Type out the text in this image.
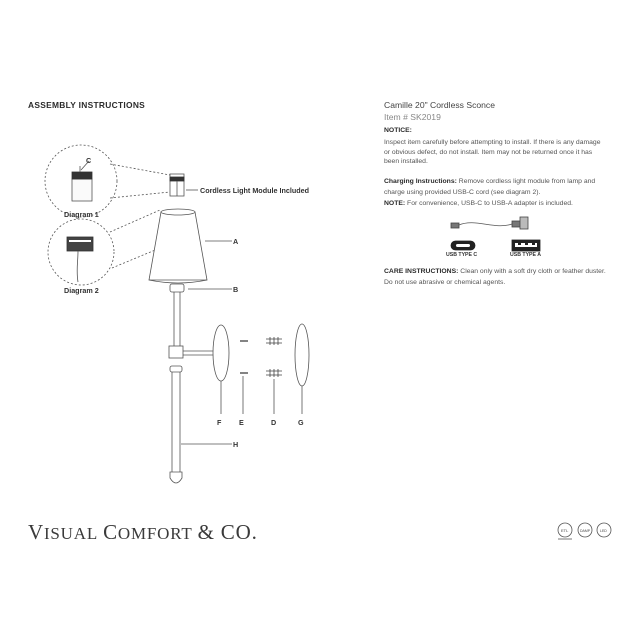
ASSEMBLY INSTRUCTIONS	Camille 20" Cordless Sconce
Item # SK2019
NOTICE:
Inspect item carefully before attempting to install. If there is any damage or obvious defect, do not install. Item may not be returned once it has been installed.
Charging Instructions: Remove cordless light module from lamp and charge using provided USB-C cord (see diagram 2).
NOTE: For convenience, USB-C to USB-A adapter is included.
CARE INSTRUCTIONS: Clean only with a soft dry cloth or feather duster. Do not use abrasive or chemical agents.
USB TYPE C	USB TYPE A
Cordless Light Module Included
Diagram 1
Diagram 2
C
A
B
F E	D	G
H
ETL	DAMP	LED
VISUAL COMFORT & CO.
